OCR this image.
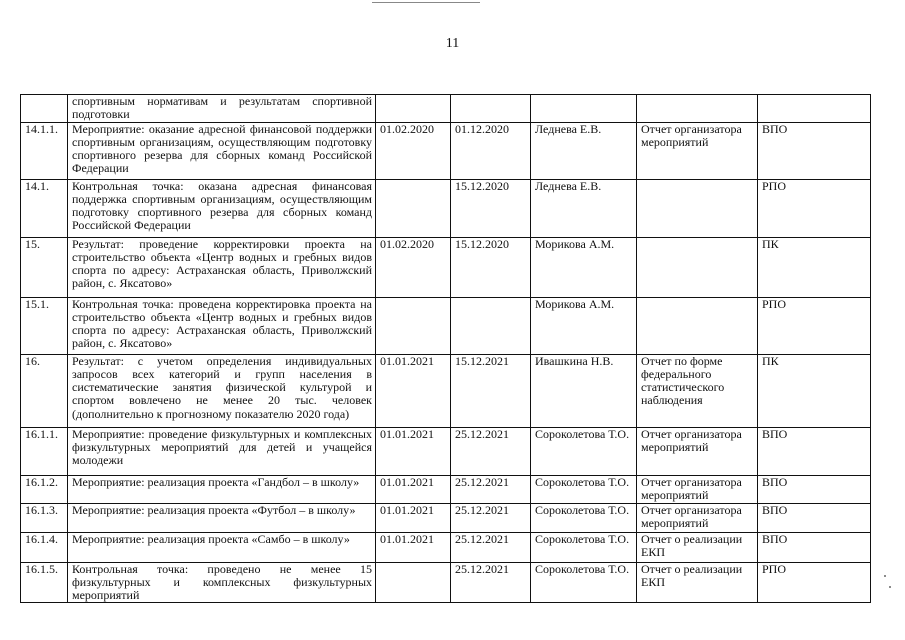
11
	спортивным нормативам и результатам спортивной подготовки					
14.1.1.	Мероприятие: оказание адресной финансовой поддержки спортивным организациям, осуществляющим подготовку спортивного резерва для сборных команд Российской Федерации	01.02.2020	01.12.2020	Леднева Е.В.	Отчет организатора мероприятий	ВПО
14.1.	Контрольная точка: оказана адресная финансовая поддержка спортивным организациям, осуществляющим подготовку спортивного резерва для сборных команд Российской Федерации		15.12.2020	Леднева Е.В.		РПО
15.	Результат: проведение корректировки проекта на строительство объекта «Центр водных и гребных видов спорта по адресу: Астраханская область, Приволжский район, с. Яксатово»	01.02.2020	15.12.2020	Морикова А.М.		ПК
15.1.	Контрольная точка: проведена корректировка проекта на строительство объекта «Центр водных и гребных видов спорта по адресу: Астраханская область, Приволжский район, с. Яксатово»			Морикова А.М.		РПО
16.	Результат: с учетом определения индивидуальных запросов всех категорий и групп населения в систематические занятия физической культурой и спортом вовлечено не менее 20 тыс. человек (дополнительно к прогнозному показателю 2020 года)	01.01.2021	15.12.2021	Ивашкина Н.В.	Отчет по форме федерального статистического наблюдения	ПК
16.1.1.	Мероприятие: проведение физкультурных и комплексных физкультурных мероприятий для детей и учащейся молодежи	01.01.2021	25.12.2021	Сороколетова Т.О.	Отчет организатора мероприятий	ВПО
16.1.2.	Мероприятие: реализация проекта «Гандбол – в школу»	01.01.2021	25.12.2021	Сороколетова Т.О.	Отчет организатора мероприятий	ВПО
16.1.3.	Мероприятие: реализация проекта «Футбол – в школу»	01.01.2021	25.12.2021	Сороколетова Т.О.	Отчет организатора мероприятий	ВПО
16.1.4.	Мероприятие: реализация проекта «Самбо – в школу»	01.01.2021	25.12.2021	Сороколетова Т.О.	Отчет о реализации ЕКП	ВПО
16.1.5.	Контрольная точка: проведено не менее 15 физкультурных и комплексных физкультурных мероприятий		25.12.2021	Сороколетова Т.О.	Отчет о реализации ЕКП	РПО
